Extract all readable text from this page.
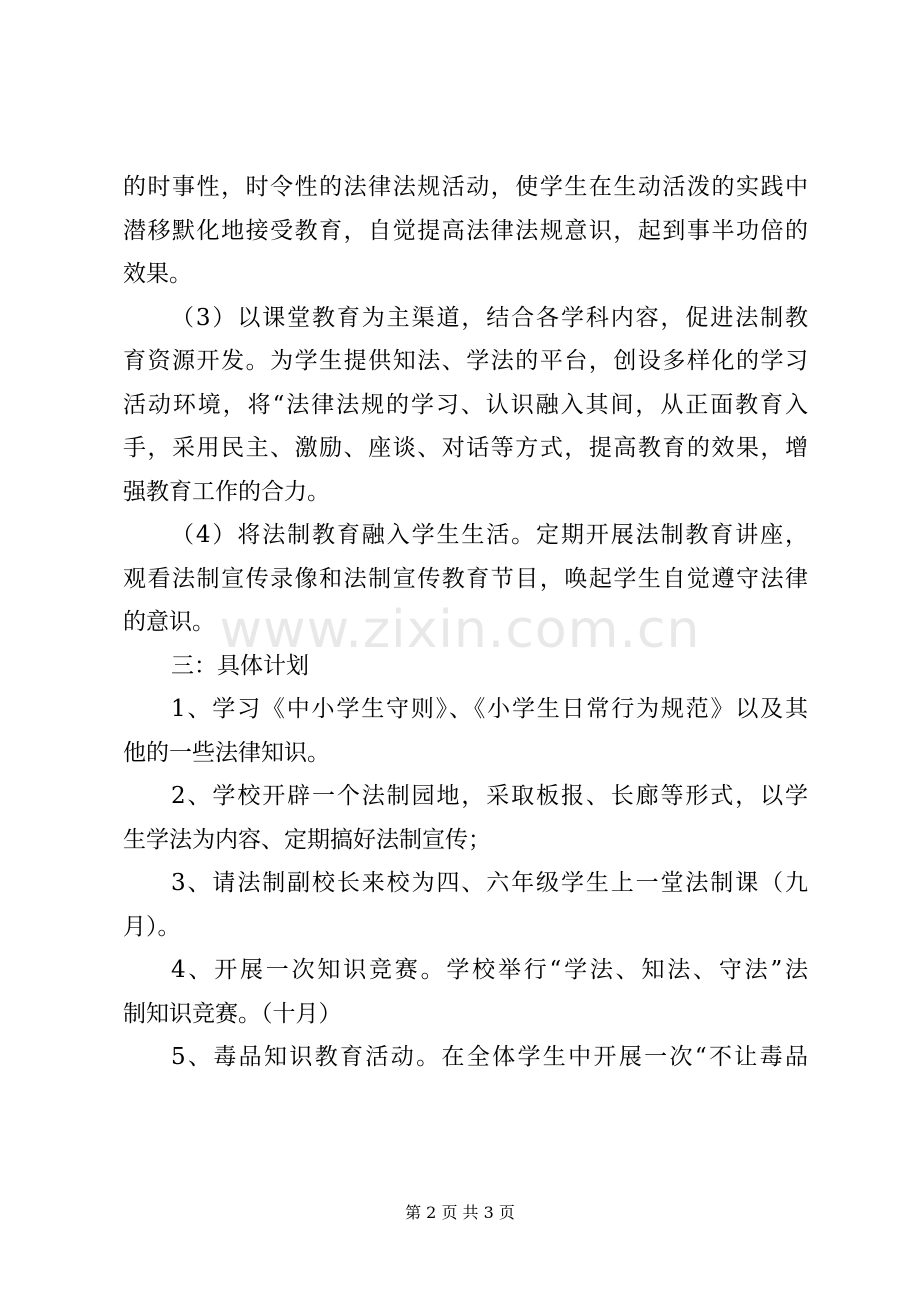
的时事性，时令性的法律法规活动，使学生在生动活泼的实践中
潜移默化地接受教育，自觉提高法律法规意识，起到事半功倍的
效果。
（3）以课堂教育为主渠道，结合各学科内容，促进法制教
育资源开发。为学生提供知法、学法的平台，创设多样化的学习
活动环境，将“法律法规的学习、认识融入其间，从正面教育入
手，采用民主、激励、座谈、对话等方式，提高教育的效果，增
强教育工作的合力。
（4）将法制教育融入学生生活。定期开展法制教育讲座，
观看法制宣传录像和法制宣传教育节目，唤起学生自觉遵守法律
的意识。
三：具体计划
1、学习《中小学生守则》、《小学生日常行为规范》以及其
他的一些法律知识。
2、学校开辟一个法制园地，采取板报、长廊等形式，以学
生学法为内容、定期搞好法制宣传；
3、请法制副校长来校为四、六年级学生上一堂法制课（九
月）。
4、开展一次知识竞赛。学校举行“学法、知法、守法”法
制知识竞赛。（十月）
5、毒品知识教育活动。在全体学生中开展一次“不让毒品
www.zixin.com.cn
第 2 页 共 3 页
